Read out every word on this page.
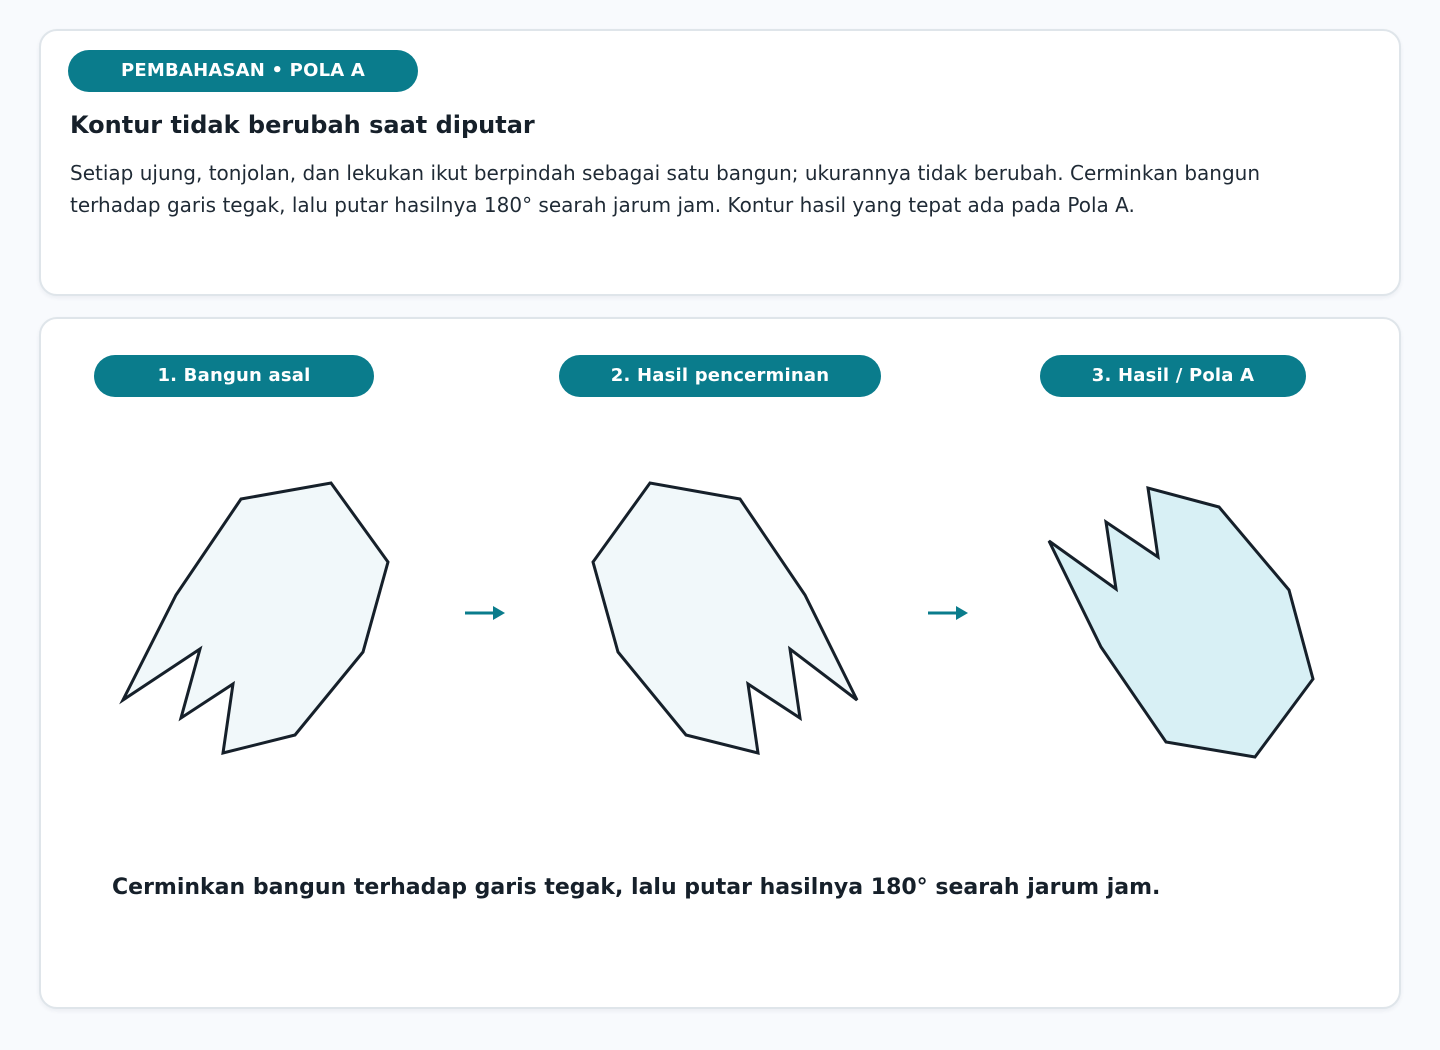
PEMBAHASAN • POLA A
Kontur tidak berubah saat diputar

Setiap ujung, tonjolan, dan lekukan ikut berpindah sebagai satu bangun; ukurannya tidak berubah. Cerminkan bangun terhadap garis tegak, lalu putar hasilnya 180° searah jarum jam. Kontur hasil yang tepat ada pada Pola A.

1. Bangun asal	2. Hasil pencerminan	3. Hasil / Pola A

Cerminkan bangun terhadap garis tegak, lalu putar hasilnya 180° searah jarum jam.
